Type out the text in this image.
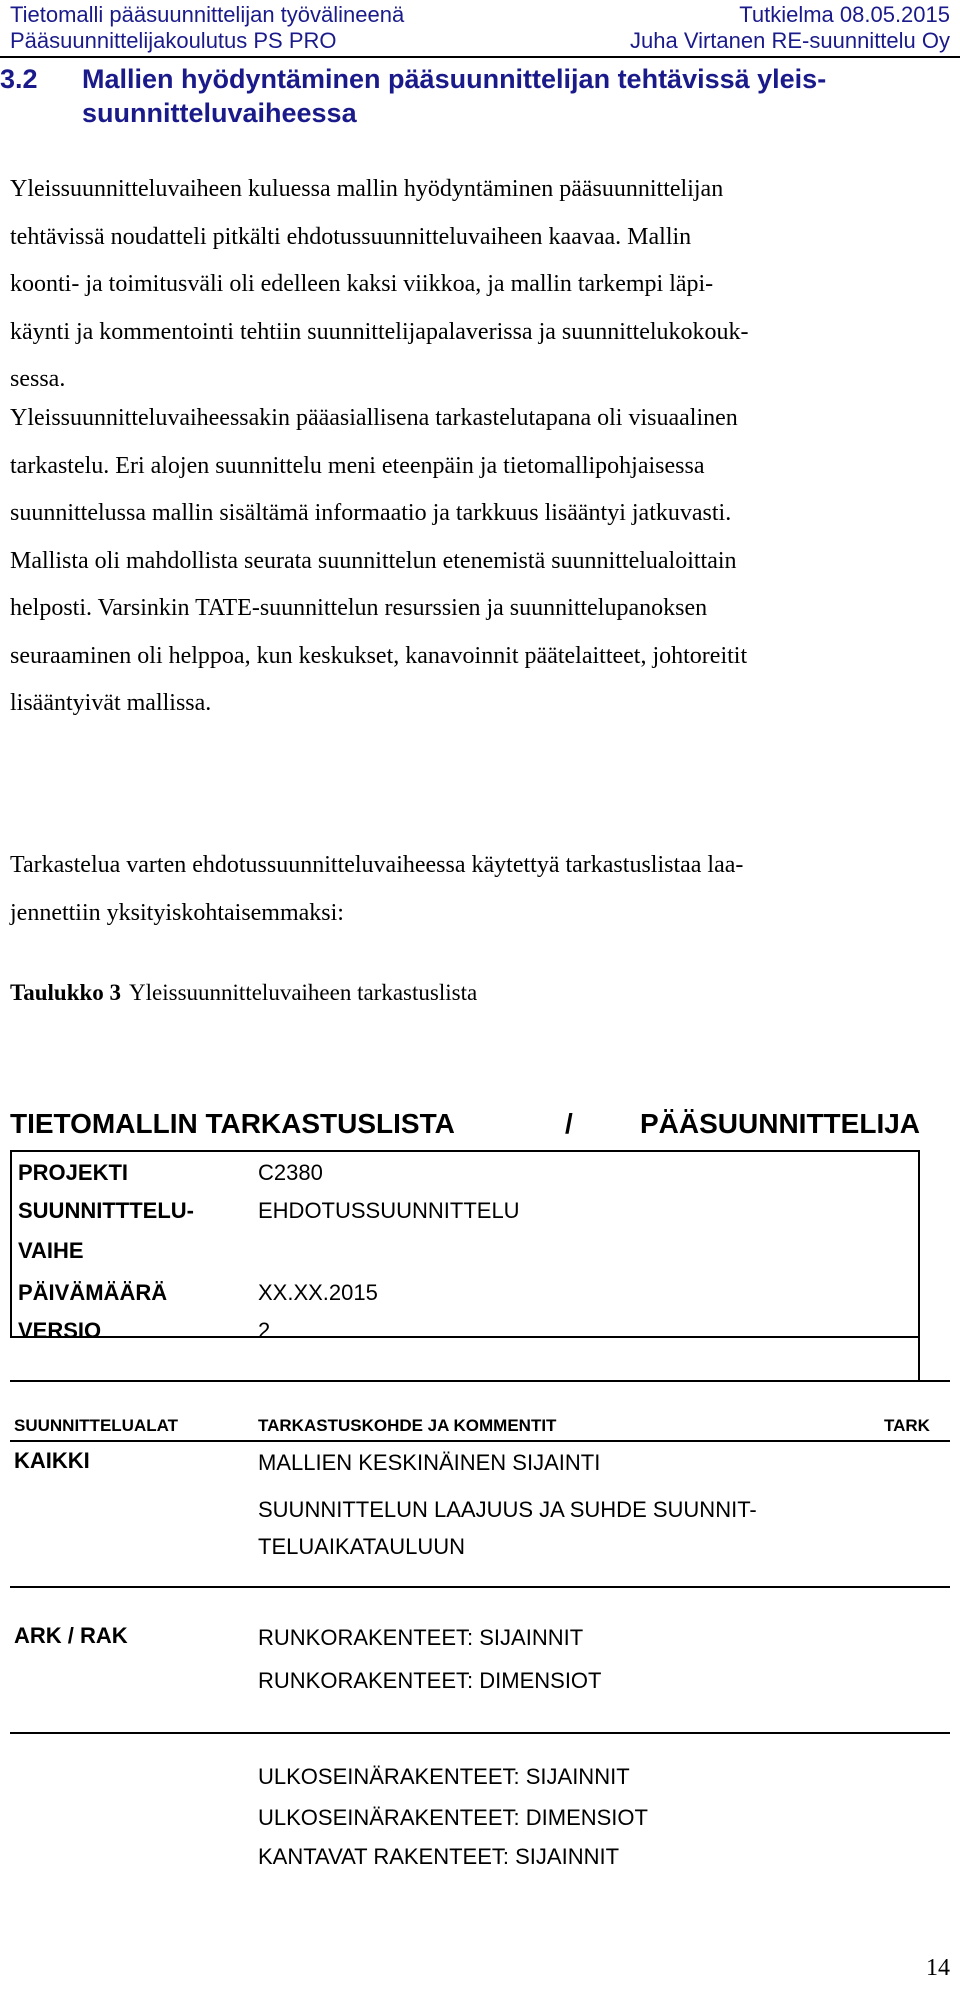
Tietomalli pääsuunnittelijan työvälineenä	Tutkielma 08.05.2015
Pääsuunnittelijakoulutus PS PRO	Juha Virtanen RE-suunnittelu Oy
3.2 Mallien hyödyntäminen pääsuunnittelijan tehtävissä yleis-suunnitteluvaiheessa
Yleissuunnitteluvaiheen kuluessa mallin hyödyntäminen pääsuunnittelijan
tehtävissä noudatteli pitkälti ehdotussuunnitteluvaiheen kaavaa. Mallin
koonti- ja toimitusväli oli edelleen kaksi viikkoa, ja mallin tarkempi läpi-
käynti ja kommentointi tehtiin suunnittelijapalaverissa ja suunnittelukokouk-
sessa.
Yleissuunnitteluvaiheessakin pääasiallisena tarkastelutapana oli visuaalinen
tarkastelu. Eri alojen suunnittelu meni eteenpäin ja tietomallipohjaisessa
suunnittelussa mallin sisältämä informaatio ja tarkkuus lisääntyi jatkuvasti.
Mallista oli mahdollista seurata suunnittelun etenemistä suunnittelualoittain
helposti. Varsinkin TATE-suunnittelun resurssien ja suunnittelupanoksen
seuraaminen oli helppoa, kun keskukset, kanavoinnit päätelaitteet, johtoreitit
lisääntyivät mallissa.
Tarkastelua varten ehdotussuunnitteluvaiheessa käytettyä tarkastuslistaa laa-
jennettiin yksityiskohtaisemmaksi:
Taulukko 3 Yleissuunnitteluvaiheen tarkastuslista
TIETOMALLIN TARKASTUSLISTA	/ PÄÄSUUNNITTELIJA
PROJEKTI	C2380
SUUNNITTTELU-	EHDOTUSSUUNNITTELU
VAIHE
PÄIVÄMÄÄRÄ	XX.XX.2015
VERSIO	2
SUUNNITTELUALAT	TARKASTUSKOHDE JA KOMMENTIT	TARK
KAIKKI	MALLIEN KESKINÄINEN SIJAINTI
SUUNNITTELUN LAAJUUS JA SUHDE SUUNNIT-
TELUAIKATAULUUN
ARK / RAK	RUNKORAKENTEET: SIJAINNIT
RUNKORAKENTEET: DIMENSIOT
ULKOSEINÄRAKENTEET: SIJAINNIT
ULKOSEINÄRAKENTEET: DIMENSIOT
KANTAVAT RAKENTEET: SIJAINNIT
14
